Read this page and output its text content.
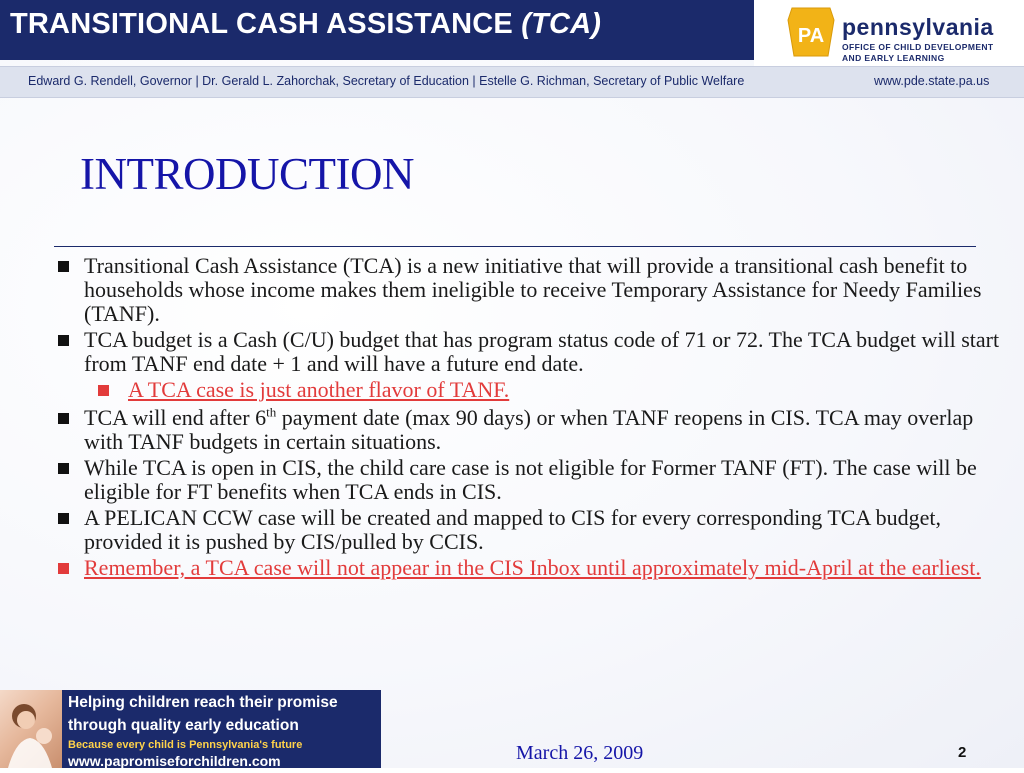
TRANSITIONAL CASH ASSISTANCE (TCA)	PA pennsylvania
OFFICE OF CHILD DEVELOPMENT
AND EARLY LEARNING
Edward G. Rendell, Governor | Dr. Gerald L. Zahorchak, Secretary of Education | Estelle G. Richman, Secretary of Public Welfare	www.pde.state.pa.us
INTRODUCTION
Transitional Cash Assistance (TCA) is a new initiative that will provide a transitional cash benefit to households whose income makes them ineligible to receive Temporary Assistance for Needy Families (TANF).
TCA budget is a Cash (C/U) budget that has program status code of 71 or 72. The TCA budget will start from TANF end date + 1 and will have a future end date.
A TCA case is just another flavor of TANF.
TCA will end after 6th payment date (max 90 days) or when TANF reopens in CIS. TCA may overlap with TANF budgets in certain situations.
While TCA is open in CIS, the child care case is not eligible for Former TANF (FT). The case will be eligible for FT benefits when TCA ends in CIS.
A PELICAN CCW case will be created and mapped to CIS for every corresponding TCA budget, provided it is pushed by CIS/pulled by CCIS.
Remember, a TCA case will not appear in the CIS Inbox until approximately mid-April at the earliest.
Helping children reach their promise
through quality early education
Because every child is Pennsylvania's future
www.papromiseforchildren.com	March 26, 2009	2
